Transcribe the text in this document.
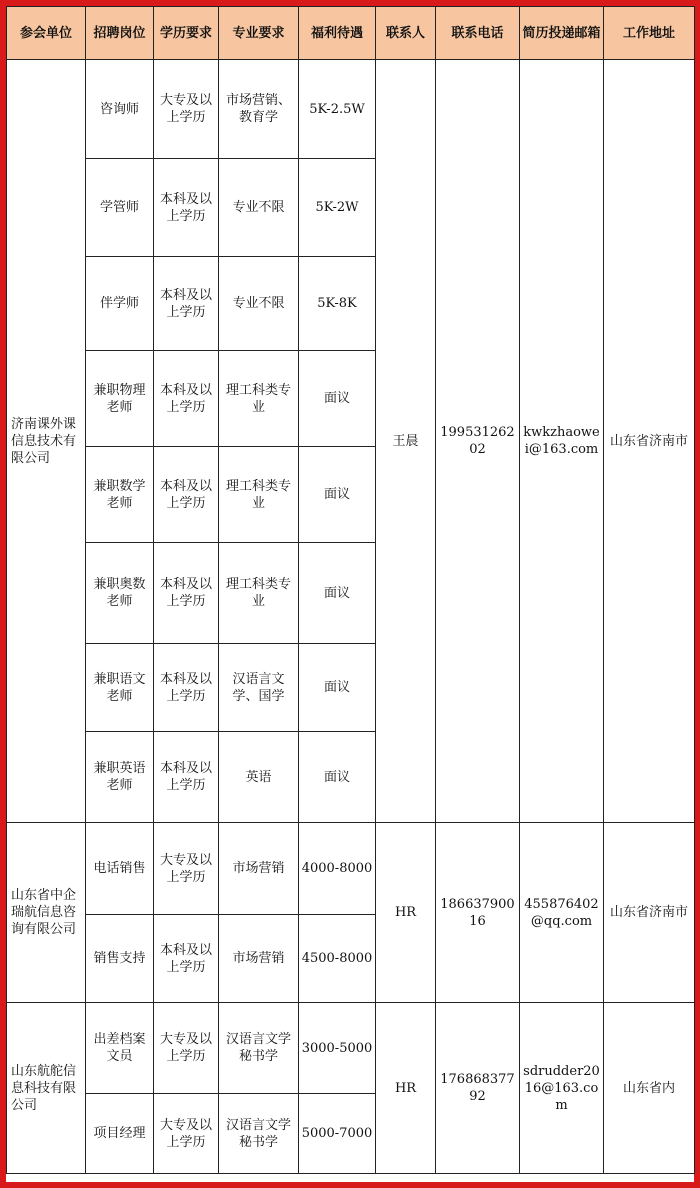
参会单位	招聘岗位	学历要求	专业要求	福利待遇	联系人	联系电话	简历投递邮箱	工作地址
济南课外课信息技术有限公司	咨询师	大专及以上学历	市场营销、教育学	5K-2.5W	王晨	19953126202	kwkzhaowei@163.com	山东省济南市
	学管师	本科及以上学历	专业不限	5K-2W				
	伴学师	本科及以上学历	专业不限	5K-8K				
	兼职物理老师	本科及以上学历	理工科类专业	面议				
	兼职数学老师	本科及以上学历	理工科类专业	面议				
	兼职奥数老师	本科及以上学历	理工科类专业	面议				
	兼职语文老师	本科及以上学历	汉语言文学、国学	面议				
	兼职英语老师	本科及以上学历	英语	面议				
山东省中企瑞航信息咨询有限公司	电话销售	大专及以上学历	市场营销	4000-8000	HR	18663790016	455876402@qq.com	山东省济南市
	销售支持	本科及以上学历	市场营销	4500-8000				
山东航舵信息科技有限公司	出差档案文员	大专及以上学历	汉语言文学秘书学	3000-5000	HR	17686837792	sdrudder2016@163.com	山东省内
	项目经理	大专及以上学历	汉语言文学秘书学	5000-7000				
